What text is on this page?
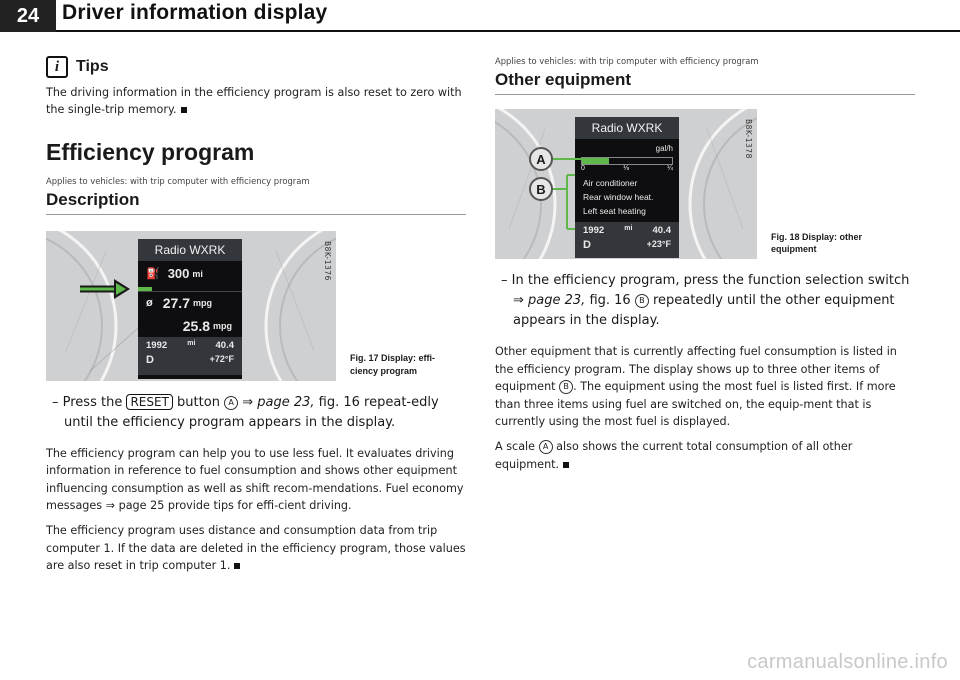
24	Driver information display
i	Tips

The driving information in the efficiency program is also reset to zero with the single-trip memory.

Efficiency program
Applies to vehicles: with trip computer with efficiency program
Description
Radio WXRK
⛽ 300 mi
ø 27.7 mpg
25.8 mpg
1992	mi 40.4
D	+72°F
B8K-1376
Fig. 17 Display: effi-
ciency program
– Press the RESET button A ⇒ page 23, fig. 16 repeat-edly until the efficiency program appears in the display.

The efficiency program can help you to use less fuel. It evaluates driving information in reference to fuel consumption and shows other equipment influencing consumption as well as shift recom-mendations. Fuel economy messages ⇒ page 25 provide tips for effi-cient driving.

The efficiency program uses distance and consumption data from trip computer 1. If the data are deleted in the efficiency program, those values are also reset in trip computer 1.

Applies to vehicles: with trip computer with efficiency program
Other equipment
Radio WXRK
gal/h
0	⅛	¼
Air conditioner
Rear window heat.
Left seat heating
1992	mi 40.4
D	+23°F
A
B
B8K-1378
Fig. 18 Display: other
equipment
– In the efficiency program, press the function selection switch ⇒ page 23, fig. 16 B repeatedly until the other equipment appears in the display.

Other equipment that is currently affecting fuel consumption is listed in the efficiency program. The display shows up to three other items of equipment B . The equipment using the most fuel is listed first. If more than three items using fuel are switched on, the equip-ment that is currently using the most fuel is displayed.

A scale A also shows the current total consumption of all other equipment.

carmanualsonline.info
